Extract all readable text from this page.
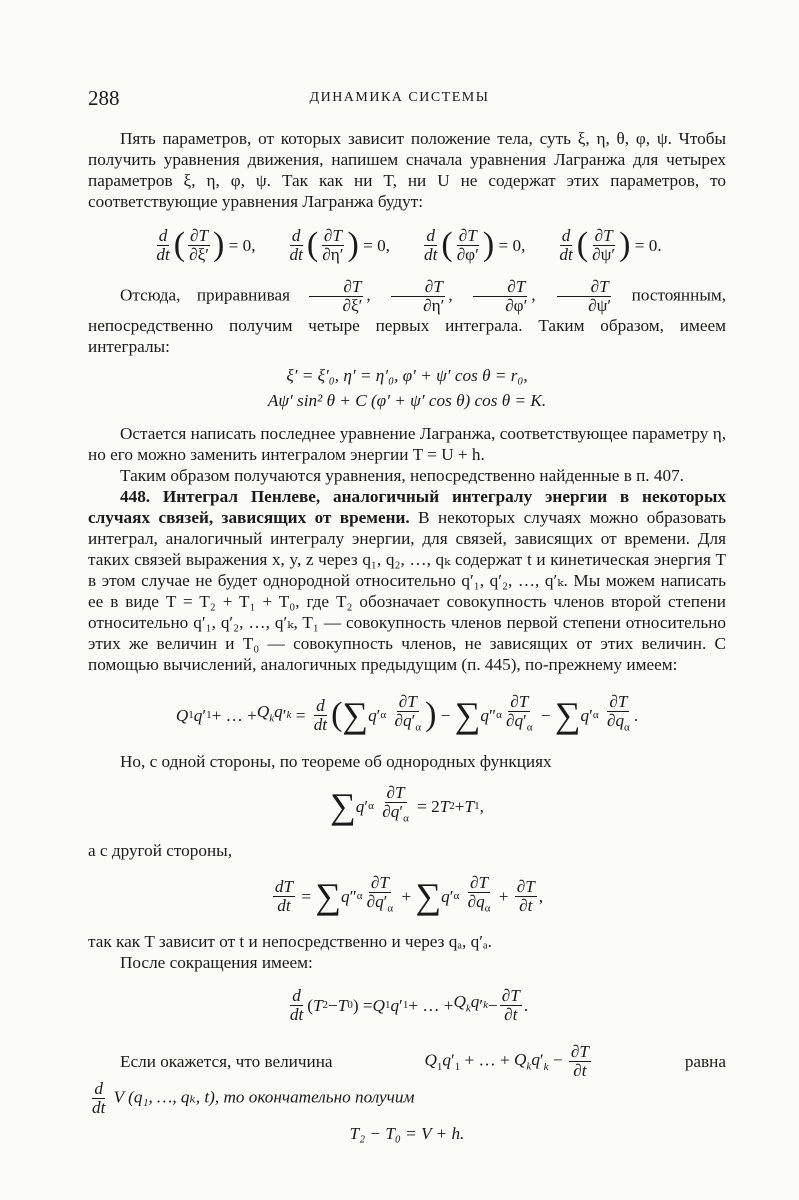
288	ДИНАМИКА СИСТЕМЫ

Пять параметров, от которых зависит положение тела, суть ξ, η, θ, φ, ψ. Чтобы получить уравнения движения, напишем сначала уравнения Лагранжа для четырех параметров ξ, η, φ, ψ. Так как ни T, ни U не содержат этих параметров, то соответствующие уравнения Лагранжа будут:

$\frac{d}{dt}$ ( $\frac{\partial T}{\partial\xi'}$ ) = 0, $\frac{d}{dt}$ ( $\frac{\partial T}{\partial\eta'}$ ) = 0, $\frac{d}{dt}$ ( $\frac{\partial T}{\partial\varphi'}$ ) = 0, $\frac{d}{dt}$ ( $\frac{\partial T}{\partial\psi'}$ ) = 0.

Отсюда, приравнивая $\frac{\partial T}{\partial\xi'}$ , $\frac{\partial T}{\partial\eta'}$ , $\frac{\partial T}{\partial\varphi'}$ , $\frac{\partial T}{\partial\psi'}$ постоянным, непосредственно получим четыре первых интеграла. Таким образом, имеем интегралы:

ξ′ = ξ′₀, η′ = η′₀, φ′ + ψ′ cos θ = r₀,
Aψ′ sin² θ + C (φ′ + ψ′ cos θ) cos θ = K.

Остается написать последнее уравнение Лагранжа, соответствующее параметру η, но его можно заменить интегралом энергии T = U + h.

Таким образом получаются уравнения, непосредственно найденные в п. 407.

448. Интеграл Пенлеве, аналогичный интегралу энергии в некоторых случаях связей, зависящих от времени. В некоторых случаях можно образовать интеграл, аналогичный интегралу энергии, для связей, зависящих от времени. Для таких связей выражения x, y, z через q₁, q₂, …, qₖ содержат t и кинетическая энергия T в этом случае не будет однородной относительно q′₁, q′₂, …, q′ₖ. Мы можем написать ее в виде T = T₂ + T₁ + T₀, где T₂ обозначает совокупность членов второй степени относительно q′₁, q′₂, …, q′ₖ, T₁ — совокупность членов первой степени относительно этих же величин и T₀ — совокупность членов, не зависящих от этих величин. С помощью вычислений, аналогичных предыдущим (п. 445), по-прежнему имеем:

Q 1 q ′ 1 + … + $Q_kq$ ′ $k = \frac{d}{dt}$ ( ∑ q ′ α
$\frac{\partial T}{\partial q'_\alpha}$ ) − ∑ q ″ α $\frac{\partial T}{\partial q'_\alpha}$ − ∑ q ′ α
$\frac{\partial T}{\partial q_\alpha}$ .

Но, с одной стороны, по теореме об однородных функциях

∑ q ′ α
$\frac{\partial T}{\partial q'_\alpha} = 2$ T 2 + T 1 ,

а с другой стороны,

$\frac{dT}{dt}$ = ∑ q ″ α $\frac{\partial T}{\partial q'_\alpha}$ + ∑ q ′ α
$\frac{\partial T}{\partial q_\alpha} + \frac{\partial T}{\partial t}$ ,

так как T зависит от t и непосредственно и через qₐ, q′ₐ.

После сокращения имеем:

$\frac{d}{dt}$ ( T 2 − T 0 ) = Q 1 q ′ 1 + … + $Q_kq$ ′ $k - \frac{\partial T}{\partial t}$ .

Если окажется, что величина	$Q_1q'_1$ + … + $Q_kq'_k - \frac{\partial T}{\partial t}$	равна

$\frac{d}{dt}$ V (q₁, …, qₖ, t), то окончательно получим

T₂ − T₀ = V + h.
